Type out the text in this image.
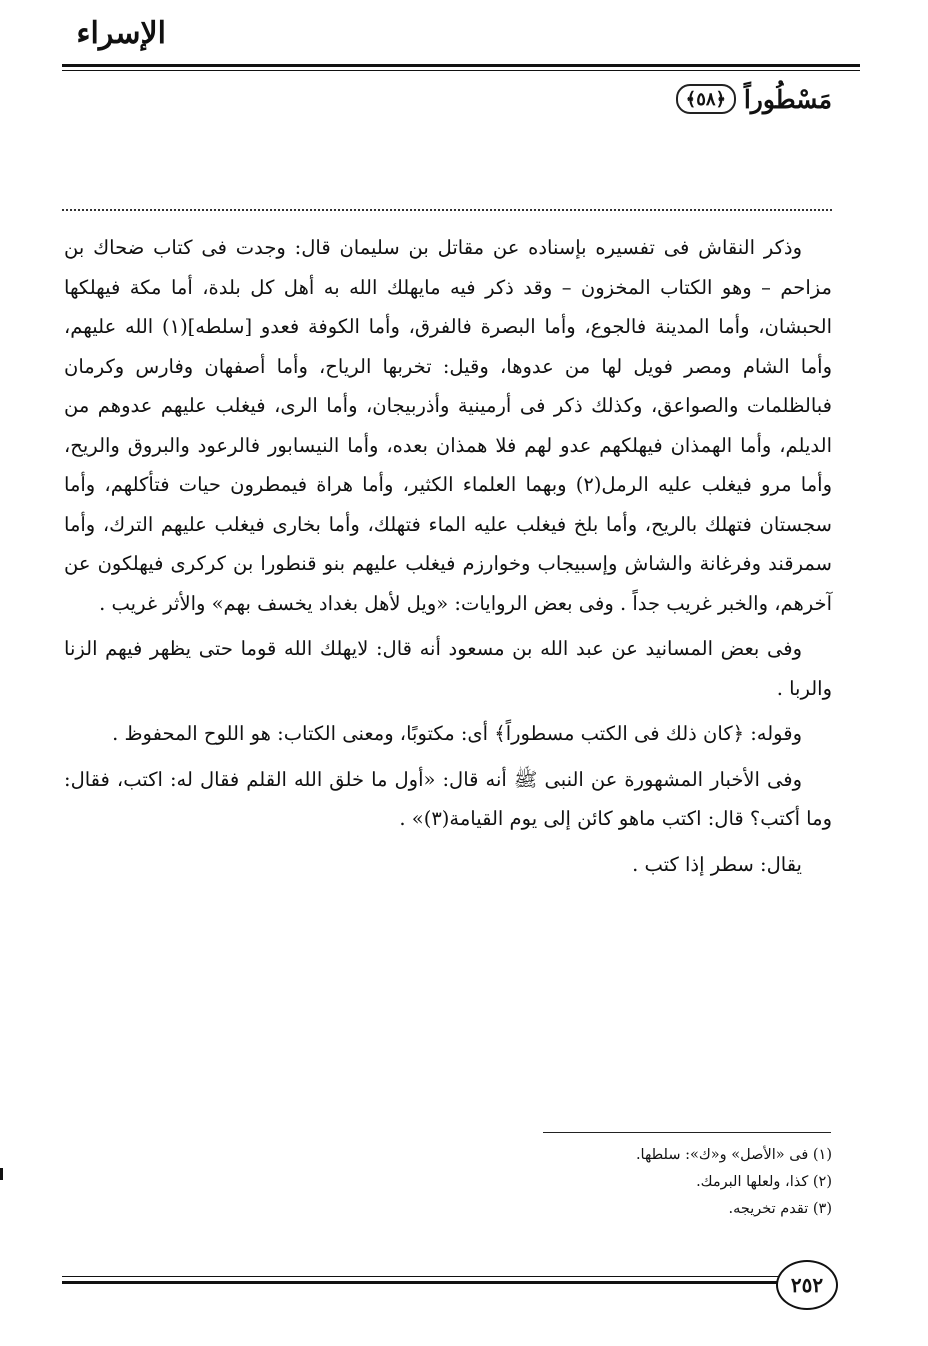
الإسراء
مَسْطُوراً
﴿٥٨﴾

وذكر النقاش فى تفسيره بإسناده عن مقاتل بن سليمان قال: وجدت فى كتاب ضحاك بن مزاحم – وهو الكتاب المخزون – وقد ذكر فيه مايهلك الله به أهل كل بلدة، أما مكة فيهلكها الحبشان، وأما المدينة فالجوع، وأما البصرة فالفرق، وأما الكوفة فعدو [سلطه](١) الله عليهم، وأما الشام ومصر فويل لها من عدوها، وقيل: تخربها الرياح، وأما أصفهان وفارس وكرمان فبالظلمات والصواعق، وكذلك ذكر فى أرمينية وأذربيجان، وأما الرى، فيغلب عليهم عدوهم من الديلم، وأما الهمذان فيهلكهم عدو لهم فلا همذان بعده، وأما النيسابور فالرعود والبروق والريح، وأما مرو فيغلب عليه الرمل(٢) وبهما العلماء الكثير، وأما هراة فيمطرون حيات فتأكلهم، وأما سجستان فتهلك بالريح، وأما بلخ فيغلب عليه الماء فتهلك، وأما بخارى فيغلب عليهم الترك، وأما سمرقند وفرغانة والشاش وإسبيجاب وخوارزم فيغلب عليهم بنو قنطورا بن كركرى فيهلكون عن آخرهم، والخبر غريب جداً . وفى بعض الروايات: «ويل لأهل بغداد يخسف بهم» والأثر غريب .

وفى بعض المسانيد عن عبد الله بن مسعود أنه قال: لايهلك الله قوما حتى يظهر فيهم الزنا والربا .

وقوله: ﴿كان ذلك فى الكتب مسطوراً﴾ أى: مكتوبًا، ومعنى الكتاب: هو اللوح المحفوظ .

وفى الأخبار المشهورة عن النبى ﷺ أنه قال: «أول ما خلق الله القلم فقال له: اكتب، فقال: وما أكتب؟ قال: اكتب ماهو كائن إلى يوم القيامة(٣)» .

يقال: سطر إذا كتب .

(١) فى «الأصل» و«ك»: سلطها.
(٢) كذا، ولعلها البرمك.
(٣) تقدم تخريجه.
٢٥٢
